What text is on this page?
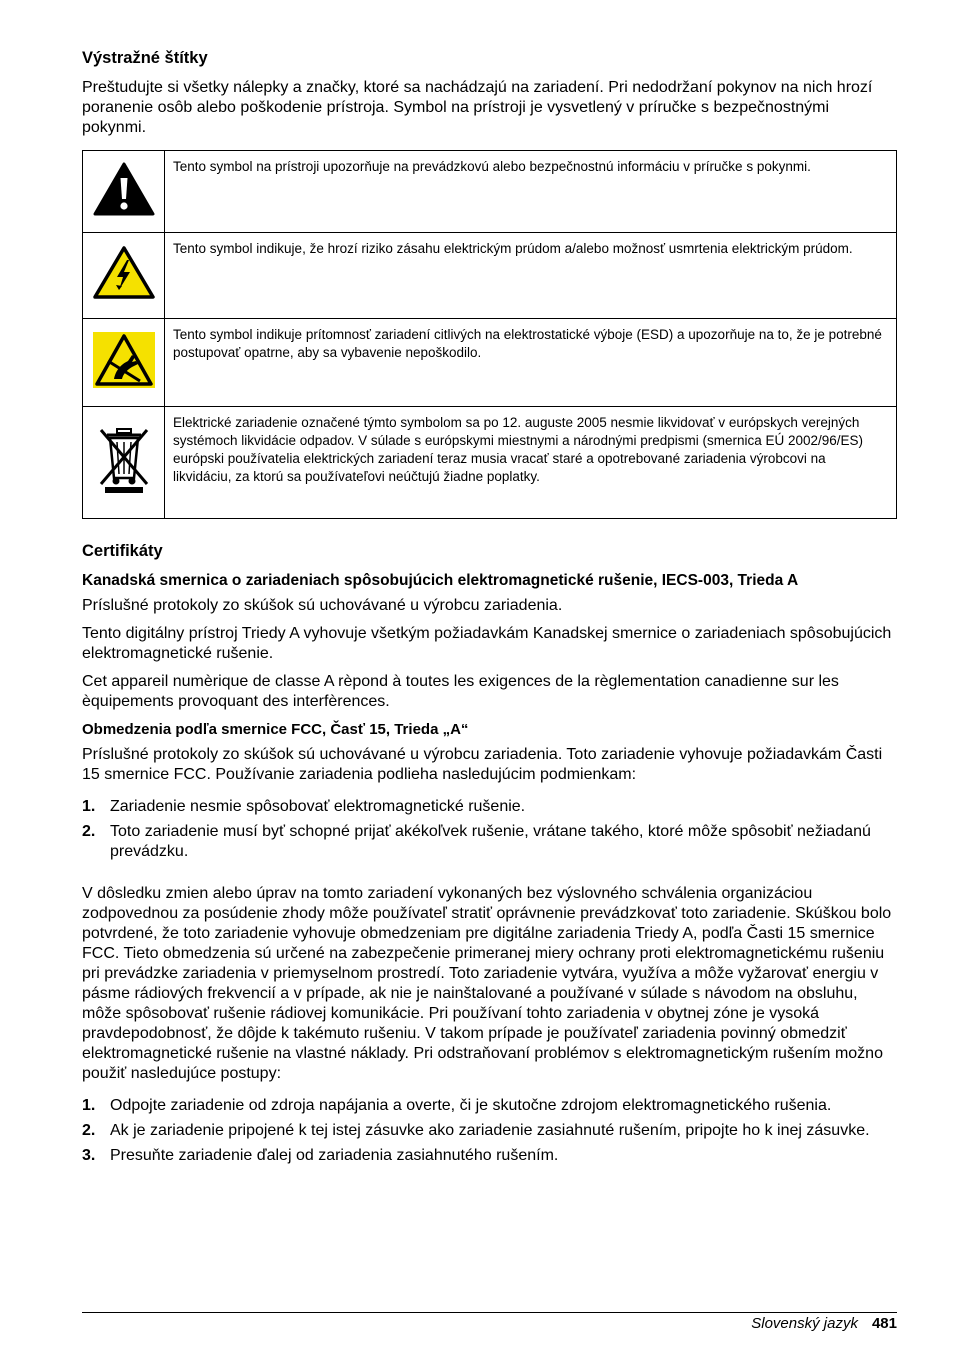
Výstražné štítky

Preštudujte si všetky nálepky a značky, ktoré sa nachádzajú na zariadení. Pri nedodržaní pokynov na nich hrozí poranenie osôb alebo poškodenie prístroja. Symbol na prístroji je vysvetlený v príručke s bezpečnostnými pokynmi.

	Tento symbol na prístroji upozorňuje na prevádzkovú alebo bezpečnostnú informáciu v príručke s pokynmi.
	Tento symbol indikuje, že hrozí riziko zásahu elektrickým prúdom a/alebo možnosť usmrtenia elektrickým prúdom.
	Tento symbol indikuje prítomnosť zariadení citlivých na elektrostatické výboje (ESD) a upozorňuje na to, že je potrebné postupovať opatrne, aby sa vybavenie nepoškodilo.
	Elektrické zariadenie označené týmto symbolom sa po 12. auguste 2005 nesmie likvidovať v európskych verejných systémoch likvidácie odpadov. V súlade s európskymi miestnymi a národnými predpismi (smernica EÚ 2002/96/ES) európski používatelia elektrických zariadení teraz musia vracať staré a opotrebované zariadenia výrobcovi na likvidáciu, za ktorú sa používateľovi neúčtujú žiadne poplatky.
Certifikáty
Kanadská smernica o zariadeniach spôsobujúcich elektromagnetické rušenie, IECS-003, Trieda A

Príslušné protokoly zo skúšok sú uchovávané u výrobcu zariadenia.

Tento digitálny prístroj Triedy A vyhovuje všetkým požiadavkám Kanadskej smernice o zariadeniach spôsobujúcich elektromagnetické rušenie.

Cet appareil numèrique de classe A rèpond à toutes les exigences de la règlementation canadienne sur les èquipements provoquant des interfèrences.

Obmedzenia podľa smernice FCC, Časť 15, Trieda „A“

Príslušné protokoly zo skúšok sú uchovávané u výrobcu zariadenia. Toto zariadenie vyhovuje požiadavkám Časti 15 smernice FCC. Používanie zariadenia podlieha nasledujúcim podmienkam:

1. Zariadenie nesmie spôsobovať elektromagnetické rušenie.
2. Toto zariadenie musí byť schopné prijať akékoľvek rušenie, vrátane takého, ktoré môže spôsobiť nežiadanú prevádzku.

V dôsledku zmien alebo úprav na tomto zariadení vykonaných bez výslovného schválenia organizáciou zodpovednou za posúdenie zhody môže používateľ stratiť oprávnenie prevádzkovať toto zariadenie. Skúškou bolo potvrdené, že toto zariadenie vyhovuje obmedzeniam pre digitálne zariadenia Triedy A, podľa Časti 15 smernice FCC. Tieto obmedzenia sú určené na zabezpečenie primeranej miery ochrany proti elektromagnetickému rušeniu pri prevádzke zariadenia v priemyselnom prostredí. Toto zariadenie vytvára, využíva a môže vyžarovať energiu v pásme rádiových frekvencií a v prípade, ak nie je nainštalované a používané v súlade s návodom na obsluhu, môže spôsobovať rušenie rádiovej komunikácie. Pri používaní tohto zariadenia v obytnej zóne je vysoká pravdepodobnosť, že dôjde k takémuto rušeniu. V takom prípade je používateľ zariadenia povinný obmedziť elektromagnetické rušenie na vlastné náklady. Pri odstraňovaní problémov s elektromagnetickým rušením možno použiť nasledujúce postupy:

1. Odpojte zariadenie od zdroja napájania a overte, či je skutočne zdrojom elektromagnetického rušenia.
2. Ak je zariadenie pripojené k tej istej zásuvke ako zariadenie zasiahnuté rušením, pripojte ho k inej zásuvke.
3. Presuňte zariadenie ďalej od zariadenia zasiahnutého rušením.
Slovenský jazyk 481
